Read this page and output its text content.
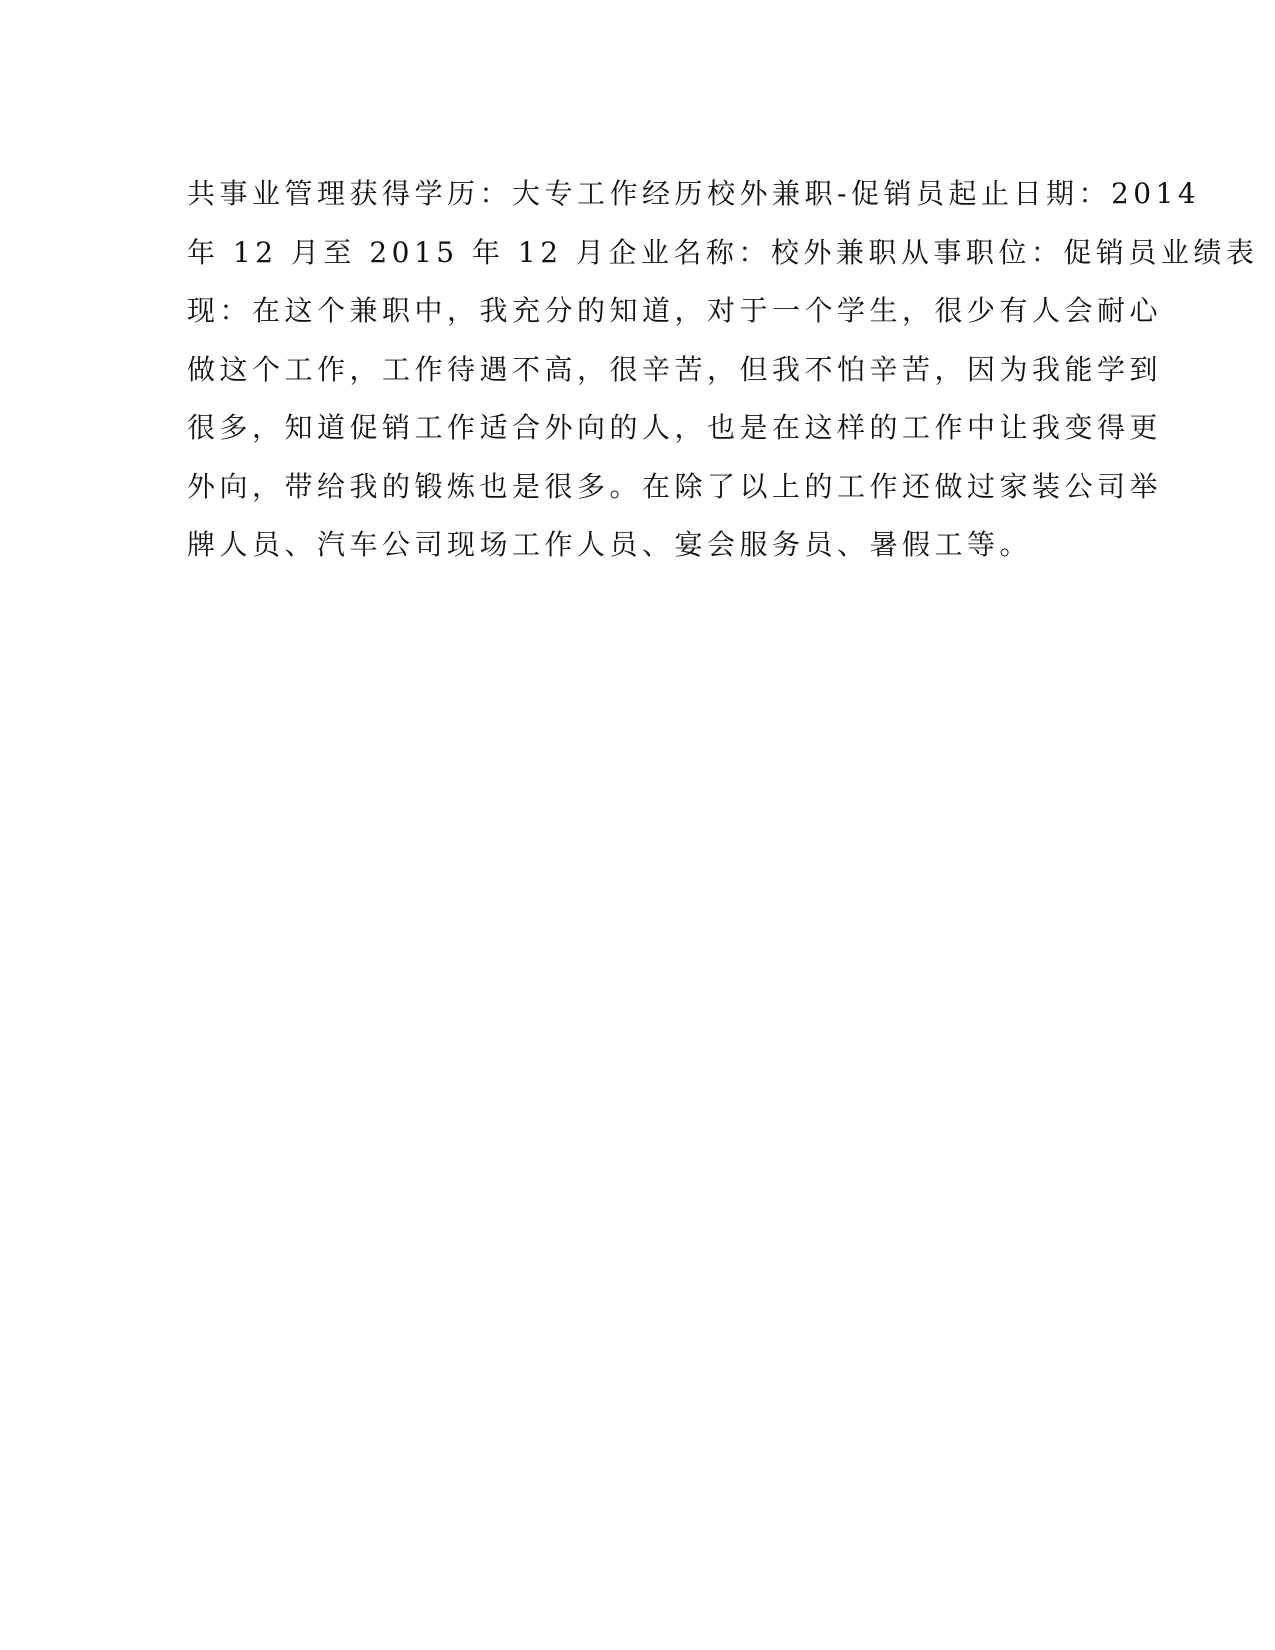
共事业管理获得学历：大专工作经历校外兼职-促销员起止日期：2014
年 12 月至 2015 年 12 月企业名称：校外兼职从事职位：促销员业绩表
现：在这个兼职中，我充分的知道，对于一个学生，很少有人会耐心
做这个工作，工作待遇不高，很辛苦，但我不怕辛苦，因为我能学到
很多，知道促销工作适合外向的人，也是在这样的工作中让我变得更
外向，带给我的锻炼也是很多。在除了以上的工作还做过家装公司举
牌人员、汽车公司现场工作人员、宴会服务员、暑假工等。
